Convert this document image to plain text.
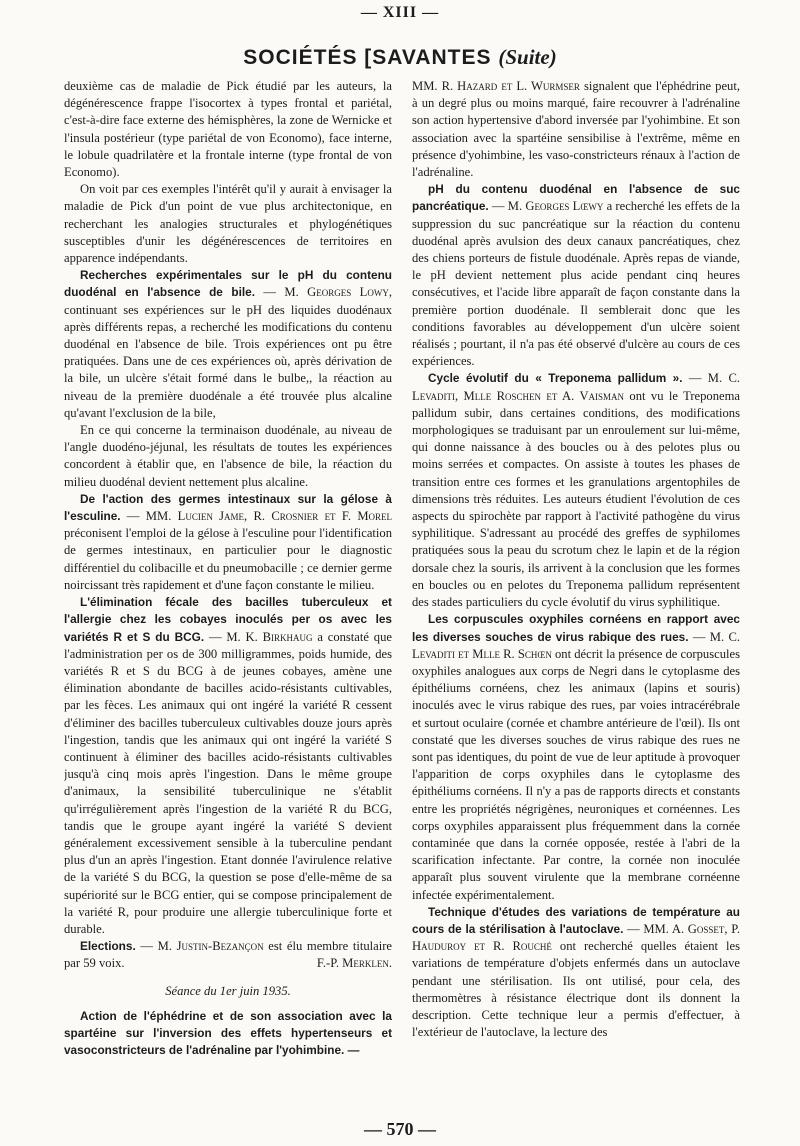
— XIII —
SOCIÉTÉS [SAVANTES (Suite)

deuxième cas de maladie de Pick étudié par les auteurs, la dégénérescence frappe l'isocortex à types frontal et pariétal, c'est-à-dire face externe des hémisphères, la zone de Wernicke et l'insula postérieur (type pariétal de von Economo), face interne, le lobule quadrilatère et la frontale interne (type frontal de von Economo).

On voit par ces exemples l'intérêt qu'il y aurait à envisager la maladie de Pick d'un point de vue plus architectonique, en recherchant les analogies structurales et phylogénétiques susceptibles d'unir les dégénérescences de territoires en apparence indépendants.

Recherches expérimentales sur le pH du contenu duodénal en l'absence de bile. — M. Georges Lowy, continuant ses expériences sur le pH des liquides duodénaux après différents repas, a recherché les modifications du contenu duodénal en l'absence de bile. Trois expériences ont pu être pratiquées. Dans une de ces expériences où, après dérivation de la bile, un ulcère s'était formé dans le bulbe,, la réaction au niveau de la première duodénale a été trouvée plus alcaline qu'avant l'exclusion de la bile,

En ce qui concerne la terminaison duodénale, au niveau de l'angle duodéno-jéjunal, les résultats de toutes les expériences concordent à établir que, en l'absence de bile, la réaction du milieu duodénal devient nettement plus alcaline.

De l'action des germes intestinaux sur la gélose à l'esculine. — MM. Lucien Jame, R. Crosnier et F. Morel préconisent l'emploi de la gélose à l'esculine pour l'identification de germes intestinaux, en particulier pour le diagnostic différentiel du colibacille et du pneumobacille ; ce dernier germe noircissant très rapidement et d'une façon constante le milieu.

L'élimination fécale des bacilles tuberculeux et l'allergie chez les cobayes inoculés per os avec les variétés R et S du BCG. — M. K. Birkhaug a constaté que l'administration per os de 300 milligrammes, poids humide, des variétés R et S du BCG à de jeunes cobayes, amène une élimination abondante de bacilles acido-résistants cultivables, par les fèces. Les animaux qui ont ingéré la variété R cessent d'éliminer des bacilles tuberculeux cultivables douze jours après l'ingestion, tandis que les animaux qui ont ingéré la variété S continuent à éliminer des bacilles acido-résistants cultivables jusqu'à cinq mois après l'ingestion. Dans le même groupe d'animaux, la sensibilité tuberculinique ne s'établit qu'irrégulièrement après l'ingestion de la variété R du BCG, tandis que le groupe ayant ingéré la variété S devient généralement excessivement sensible à la tuberculine pendant plus d'un an après l'ingestion. Etant donnée l'avirulence relative de la variété S du BCG, la question se pose d'elle-même de sa supériorité sur le BCG entier, qui se compose principalement de la variété R, pour produire une allergie tuberculinique forte et durable.

Elections. — M. Justin-Bezançon est élu membre titulaire par 59 voix.	F.-P. Merklen.

Séance du 1er juin 1935.

Action de l'éphédrine et de son association avec la spartéine sur l'inversion des effets hypertenseurs et vasoconstricteurs de l'adrénaline par l'yohimbine. —

MM. R. Hazard et L. Wurmser signalent que l'éphédrine peut, à un degré plus ou moins marqué, faire recouvrer à l'adrénaline son action hypertensive d'abord inversée par l'yohimbine. Et son association avec la spartéine sensibilise à l'extrême, même en présence d'yohimbine, les vaso-constricteurs rénaux à l'action de l'adrénaline.

pH du contenu duodénal en l'absence de suc pancréatique. — M. Georges Lœwy a recherché les effets de la suppression du suc pancréatique sur la réaction du contenu duodénal après avulsion des deux canaux pancréatiques, chez des chiens porteurs de fistule duodénale. Après repas de viande, le pH devient nettement plus acide pendant cinq heures consécutives, et l'acide libre apparaît de façon constante dans la première portion duodénale. Il semblerait donc que les conditions favorables au développement d'un ulcère soient réalisés ; pourtant, il n'a pas été observé d'ulcère au cours de ces expériences.

Cycle évolutif du « Treponema pallidum ». — M. C. Levaditi, Mlle Roschen et A. Vaisman ont vu le Treponema pallidum subir, dans certaines conditions, des modifications morphologiques se traduisant par un enroulement sur lui-même, qui donne naissance à des boucles ou à des pelotes plus ou moins serrées et compactes. On assiste à toutes les phases de transition entre ces formes et les granulations argentophiles de dimensions très réduites. Les auteurs étudient l'évolution de ces aspects du spirochète par rapport à l'activité pathogène du virus syphilitique. S'adressant au procédé des greffes de syphilomes pratiquées sous la peau du scrotum chez le lapin et de la région dorsale chez la souris, ils arrivent à la conclusion que les formes en boucles ou en pelotes du Treponema pallidum représentent des stades particuliers du cycle évolutif du virus syphilitique.

Les corpuscules oxyphiles cornéens en rapport avec les diverses souches de virus rabique des rues. — M. C. Levaditi et Mlle R. Schœn ont décrit la présence de corpuscules oxyphiles analogues aux corps de Negri dans le cytoplasme des épithéliums cornéens, chez les animaux (lapins et souris) inoculés avec le virus rabique des rues, par voies intracérébrale et surtout oculaire (cornée et chambre antérieure de l'œil). Ils ont constaté que les diverses souches de virus rabique des rues ne sont pas identiques, du point de vue de leur aptitude à provoquer l'apparition de corps oxyphiles dans le cytoplasme des épithéliums cornéens. Il n'y a pas de rapports directs et constants entre les propriétés négrigènes, neuroniques et cornéennes. Les corps oxyphiles apparaissent plus fréquemment dans la cornée contaminée que dans la cornée opposée, restée à l'abri de la scarification infectante. Par contre, la cornée non inoculée apparaît plus souvent virulente que la membrane cornéenne infectée expérimentalement.

Technique d'études des variations de température au cours de la stérilisation à l'autoclave. — MM. A. Gosset, P. Hauduroy et R. Rouché ont recherché quelles étaient les variations de température d'objets enfermés dans un autoclave pendant une stérilisation. Ils ont utilisé, pour cela, des thermomètres à résistance électrique dont ils donnent la description. Cette technique leur a permis d'effectuer, à l'extérieur de l'autoclave, la lecture des

— 570 —
